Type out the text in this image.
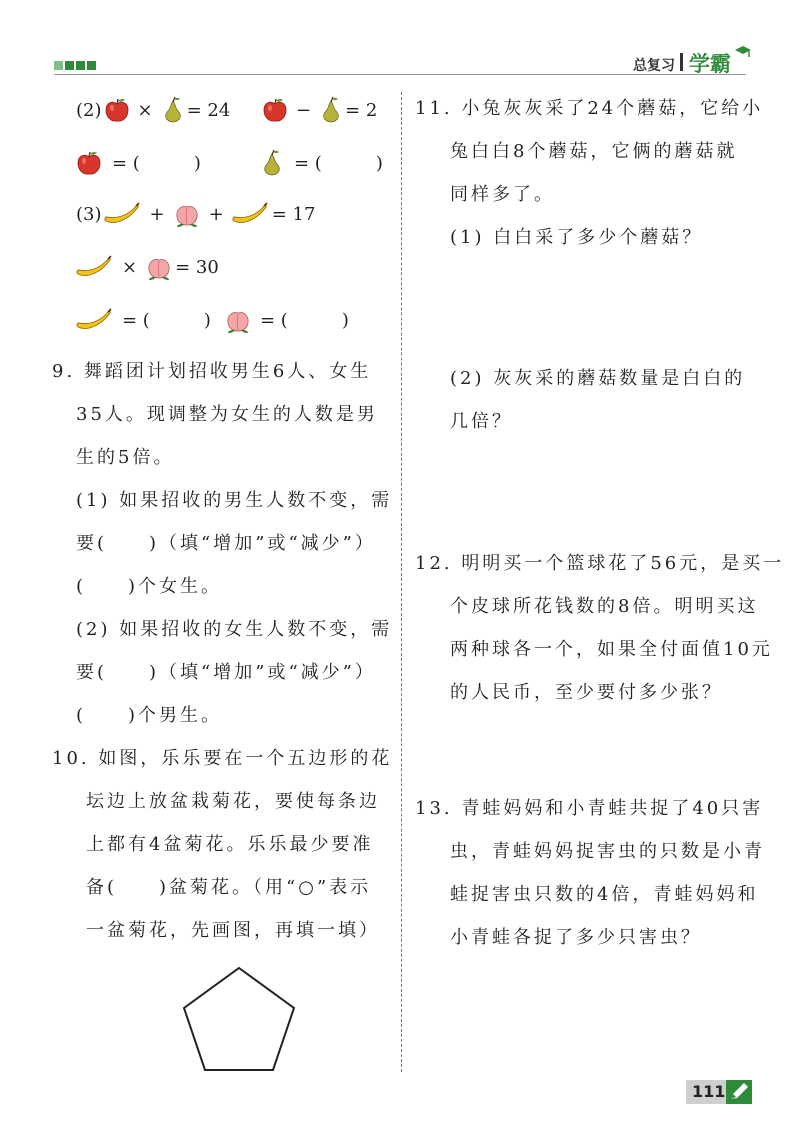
总复习 学霸
(2) × = 24	− = 2
= (　　　)	= (　　　)
(3)	+ +	= 17
× = 30
= (　　　)	= (　　　)
9. 舞蹈团计划招收男生6人、女生
35人。现调整为女生的人数是男
生的5倍。
(1) 如果招收的男生人数不变，需
要(　　)（填“增加”或“减少”）
(　　)个女生。
(2) 如果招收的女生人数不变，需
要(　　)（填“增加”或“减少”）
(　　)个男生。
10. 如图，乐乐要在一个五边形的花
坛边上放盆栽菊花，要使每条边
上都有4盆菊花。乐乐最少要准
备(　　)盆菊花。（用“○”表示
一盆菊花，先画图，再填一填）
11. 小兔灰灰采了24个蘑菇，它给小
兔白白8个蘑菇，它俩的蘑菇就
同样多了。
(1) 白白采了多少个蘑菇？
(2) 灰灰采的蘑菇数量是白白的
几倍？
12. 明明买一个篮球花了56元，是买一
个皮球所花钱数的8倍。明明买这
两种球各一个，如果全付面值10元
的人民币，至少要付多少张？
13. 青蛙妈妈和小青蛙共捉了40只害
虫，青蛙妈妈捉害虫的只数是小青
蛙捉害虫只数的4倍，青蛙妈妈和
小青蛙各捉了多少只害虫？
111
